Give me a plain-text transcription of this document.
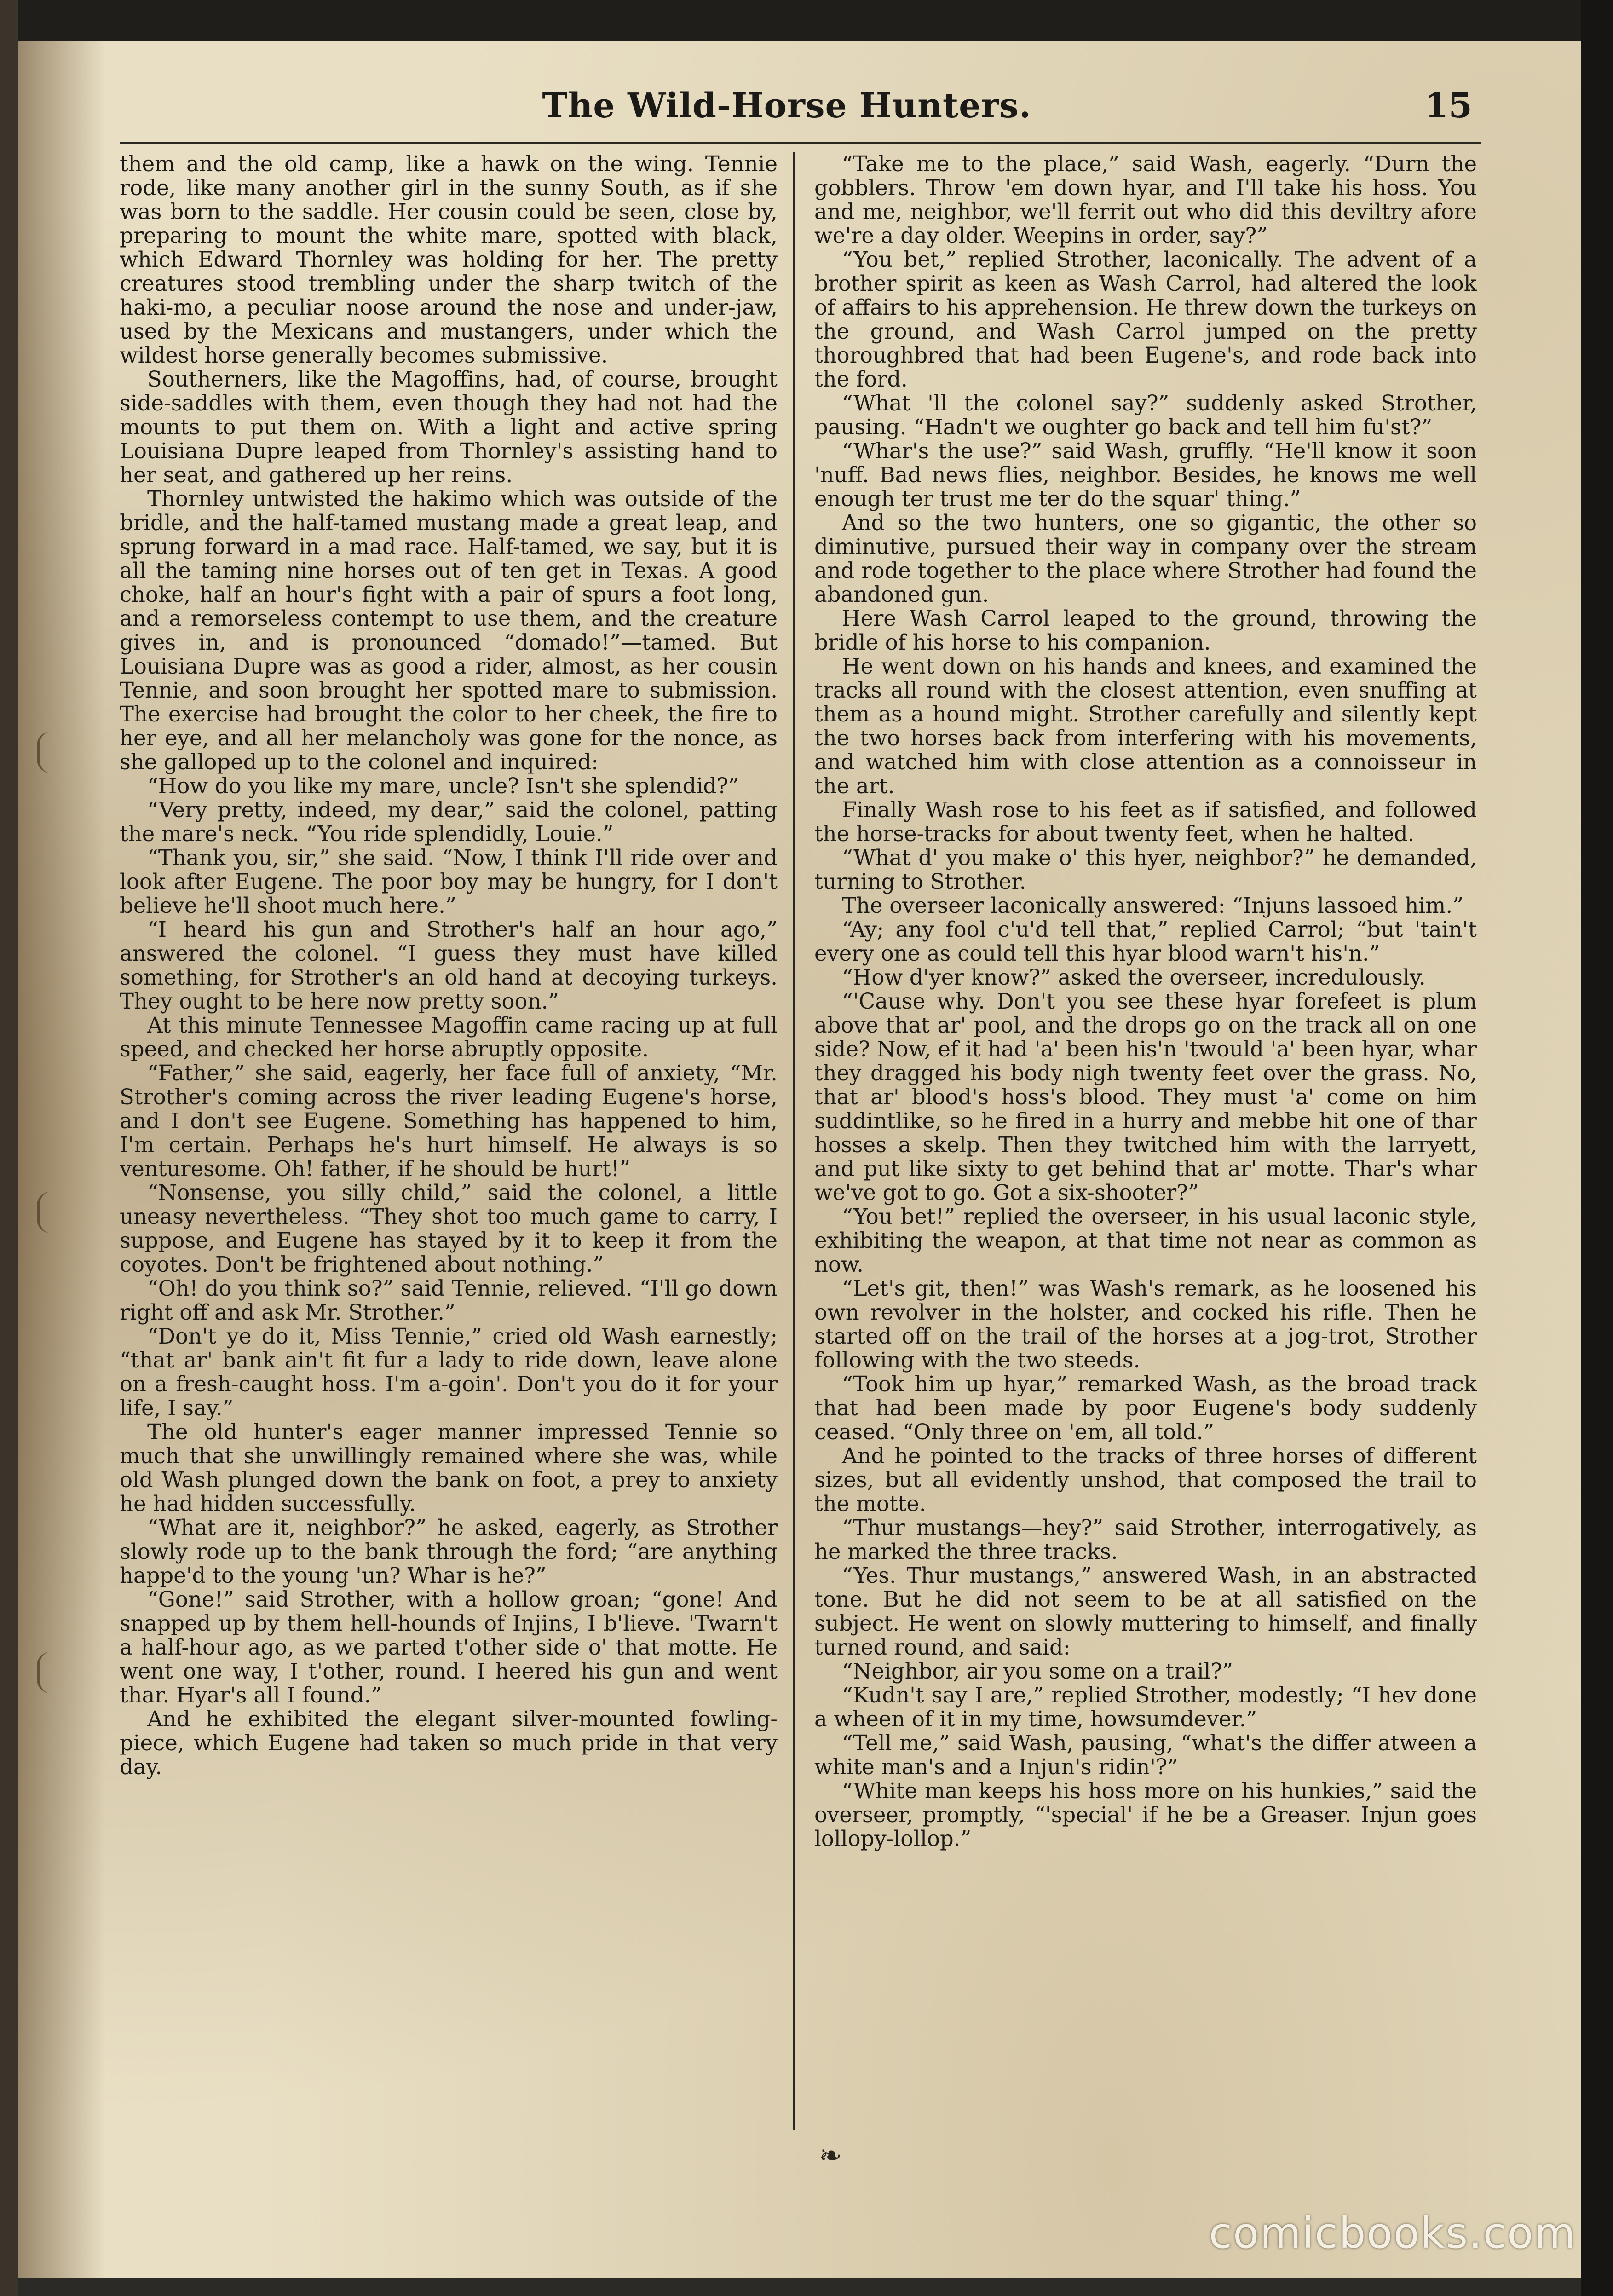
The Wild-Horse Hunters.	15

them and the old camp, like a hawk on the wing. Tennie rode, like many another girl in the sunny South, as if she was born to the saddle. Her cousin could be seen, close by, preparing to mount the white mare, spotted with black, which Edward Thornley was holding for her. The pretty creatures stood trembling under the sharp twitch of the haki-mo, a peculiar noose around the nose and under-jaw, used by the Mexicans and mustangers, under which the wildest horse generally becomes submissive.

Southerners, like the Magoffins, had, of course, brought side-saddles with them, even though they had not had the mounts to put them on. With a light and active spring Louisiana Dupre leaped from Thornley's assisting hand to her seat, and gathered up her reins.

Thornley untwisted the hakimo which was outside of the bridle, and the half-tamed mustang made a great leap, and sprung forward in a mad race. Half-tamed, we say, but it is all the taming nine horses out of ten get in Texas. A good choke, half an hour's fight with a pair of spurs a foot long, and a remorseless contempt to use them, and the creature gives in, and is pronounced “domado!”—tamed. But Louisiana Dupre was as good a rider, almost, as her cousin Tennie, and soon brought her spotted mare to submission. The exercise had brought the color to her cheek, the fire to her eye, and all her melancholy was gone for the nonce, as she galloped up to the colonel and inquired:

“How do you like my mare, uncle? Isn't she splendid?”

“Very pretty, indeed, my dear,” said the colonel, patting the mare's neck. “You ride splendidly, Louie.”

“Thank you, sir,” she said. “Now, I think I'll ride over and look after Eugene. The poor boy may be hungry, for I don't believe he'll shoot much here.”

“I heard his gun and Strother's half an hour ago,” answered the colonel. “I guess they must have killed something, for Strother's an old hand at decoying turkeys. They ought to be here now pretty soon.”

At this minute Tennessee Magoffin came racing up at full speed, and checked her horse abruptly opposite.

“Father,” she said, eagerly, her face full of anxiety, “Mr. Strother's coming across the river leading Eugene's horse, and I don't see Eugene. Something has happened to him, I'm certain. Perhaps he's hurt himself. He always is so venturesome. Oh! father, if he should be hurt!”

“Nonsense, you silly child,” said the colonel, a little uneasy nevertheless. “They shot too much game to carry, I suppose, and Eugene has stayed by it to keep it from the coyotes. Don't be frightened about nothing.”

“Oh! do you think so?” said Tennie, relieved. “I'll go down right off and ask Mr. Strother.”

“Don't ye do it, Miss Tennie,” cried old Wash earnestly; “that ar' bank ain't fit fur a lady to ride down, leave alone on a fresh-caught hoss. I'm a-goin'. Don't you do it for your life, I say.”

The old hunter's eager manner impressed Tennie so much that she unwillingly remained where she was, while old Wash plunged down the bank on foot, a prey to anxiety he had hidden successfully.

“What are it, neighbor?” he asked, eagerly, as Strother slowly rode up to the bank through the ford; “are anything happe'd to the young 'un? Whar is he?”

“Gone!” said Strother, with a hollow groan; “gone! And snapped up by them hell-hounds of Injins, I b'lieve. 'Twarn't a half-hour ago, as we parted t'other side o' that motte. He went one way, I t'other, round. I heered his gun and went thar. Hyar's all I found.”

And he exhibited the elegant silver-mounted fowling-piece, which Eugene had taken so much pride in that very day.

“Take me to the place,” said Wash, eagerly. “Durn the gobblers. Throw 'em down hyar, and I'll take his hoss. You and me, neighbor, we'll ferrit out who did this deviltry afore we're a day older. Weepins in order, say?”

“You bet,” replied Strother, laconically. The advent of a brother spirit as keen as Wash Carrol, had altered the look of affairs to his apprehension. He threw down the turkeys on the ground, and Wash Carrol jumped on the pretty thoroughbred that had been Eugene's, and rode back into the ford.

“What 'll the colonel say?” suddenly asked Strother, pausing. “Hadn't we oughter go back and tell him fu'st?”

“Whar's the use?” said Wash, gruffly. “He'll know it soon 'nuff. Bad news flies, neighbor. Besides, he knows me well enough ter trust me ter do the squar' thing.”

And so the two hunters, one so gigantic, the other so diminutive, pursued their way in company over the stream and rode together to the place where Strother had found the abandoned gun.

Here Wash Carrol leaped to the ground, throwing the bridle of his horse to his companion.

He went down on his hands and knees, and examined the tracks all round with the closest attention, even snuffing at them as a hound might. Strother carefully and silently kept the two horses back from interfering with his movements, and watched him with close attention as a connoisseur in the art.

Finally Wash rose to his feet as if satisfied, and followed the horse-tracks for about twenty feet, when he halted.

“What d' you make o' this hyer, neighbor?” he demanded, turning to Strother.

The overseer laconically answered: “Injuns lassoed him.”

“Ay; any fool c'u'd tell that,” replied Carrol; “but 'tain't every one as could tell this hyar blood warn't his'n.”

“How d'yer know?” asked the overseer, incredulously.

“'Cause why. Don't you see these hyar forefeet is plum above that ar' pool, and the drops go on the track all on one side? Now, ef it had 'a' been his'n 'twould 'a' been hyar, whar they dragged his body nigh twenty feet over the grass. No, that ar' blood's hoss's blood. They must 'a' come on him suddintlike, so he fired in a hurry and mebbe hit one of thar hosses a skelp. Then they twitched him with the larryett, and put like sixty to get behind that ar' motte. Thar's whar we've got to go. Got a six-shooter?”

“You bet!” replied the overseer, in his usual laconic style, exhibiting the weapon, at that time not near as common as now.

“Let's git, then!” was Wash's remark, as he loosened his own revolver in the holster, and cocked his rifle. Then he started off on the trail of the horses at a jog-trot, Strother following with the two steeds.

“Took him up hyar,” remarked Wash, as the broad track that had been made by poor Eugene's body suddenly ceased. “Only three on 'em, all told.”

And he pointed to the tracks of three horses of different sizes, but all evidently unshod, that composed the trail to the motte.

“Thur mustangs—hey?” said Strother, interrogatively, as he marked the three tracks.

“Yes. Thur mustangs,” answered Wash, in an abstracted tone. But he did not seem to be at all satisfied on the subject. He went on slowly muttering to himself, and finally turned round, and said:

“Neighbor, air you some on a trail?”

“Kudn't say I are,” replied Strother, modestly; “I hev done a wheen of it in my time, howsumdever.”

“Tell me,” said Wash, pausing, “what's the differ atween a white man's and a Injun's ridin'?”

“White man keeps his hoss more on his hunkies,” said the overseer, promptly, “'special' if he be a Greaser. Injun goes lollopy-lollop.”

❧
comicbooks.com
